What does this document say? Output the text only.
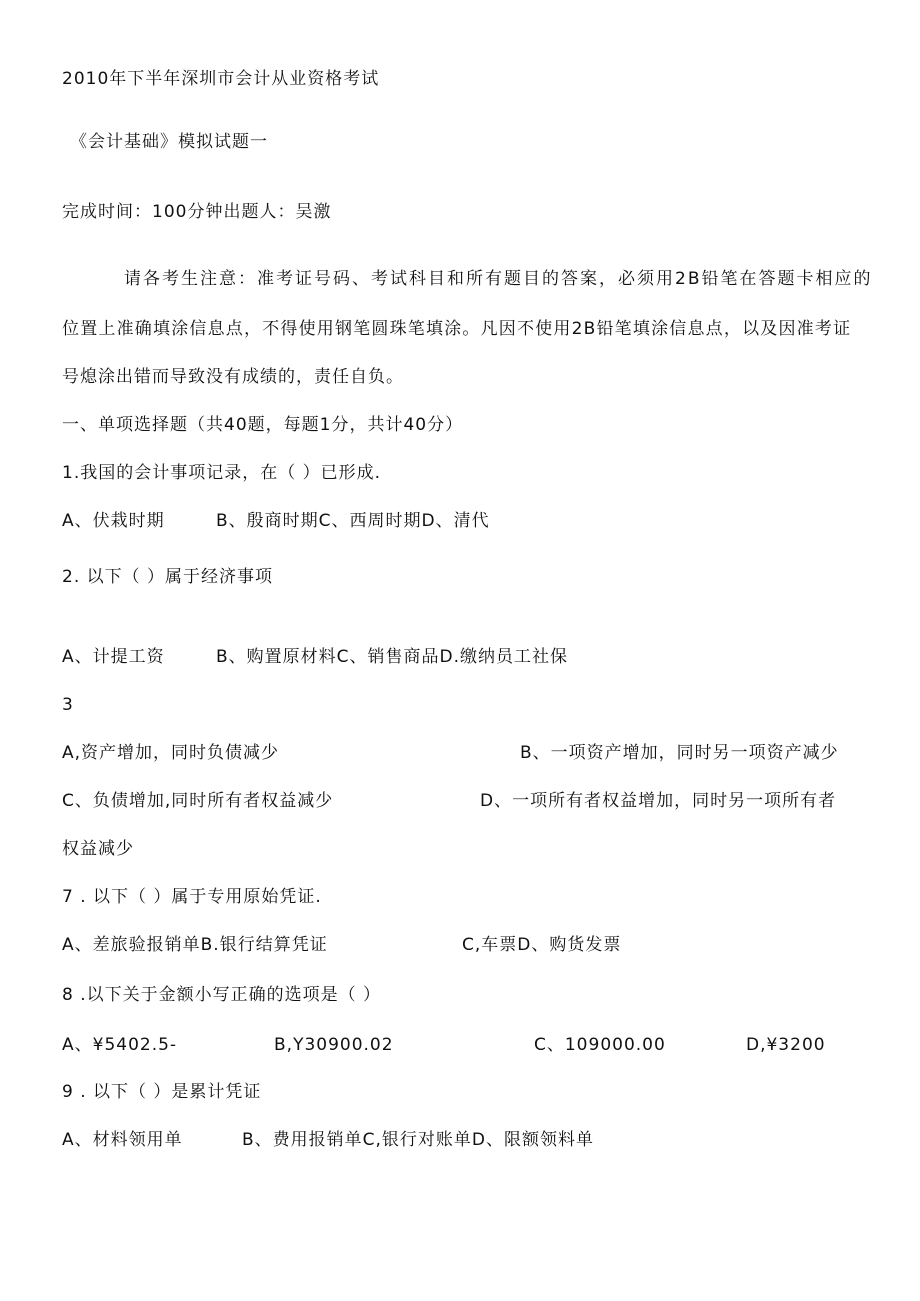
2010年下半年深圳市会计从业资格考试
《会计基础》模拟试题一
完成时间：100分钟出题人：吴激
请各考生注意：准考证号码、考试科目和所有题目的答案，必须用2B铅笔在答题卡相应的
位置上准确填涂信息点，不得使用钢笔圆珠笔填涂。凡因不使用2B铅笔填涂信息点，以及因准考证
号熄涂出错而导致没有成绩的，责任自负。
一、单项选择题（共40题，每题1分，共计40分）
1.我国的会计事项记录，在（ ）已形成.
A、伏栽时期	B、殷商时期C、西周时期D、清代
2. 以下（ ）属于经济事项
A、计提工资	B、购置原材料C、销售商品D.缴纳员工社保
3
A,资产增加，同时负债减少	B、一项资产增加，同时另一项资产减少
C、负债增加,同时所有者权益减少	D、一项所有者权益增加，同时另一项所有者
权益减少
7 . 以下（ ）属于专用原始凭证.
A、差旅验报销单B.银行结算凭证	C,车票D、购货发票
8 .以下关于金额小写正确的选项是（ ）
A、¥5402.5-	B,Y30900.02	C、109000.00	D,¥3200
9 . 以下（ ）是累计凭证
A、材料领用单	B、费用报销单C,银行对账单D、限额领料单
